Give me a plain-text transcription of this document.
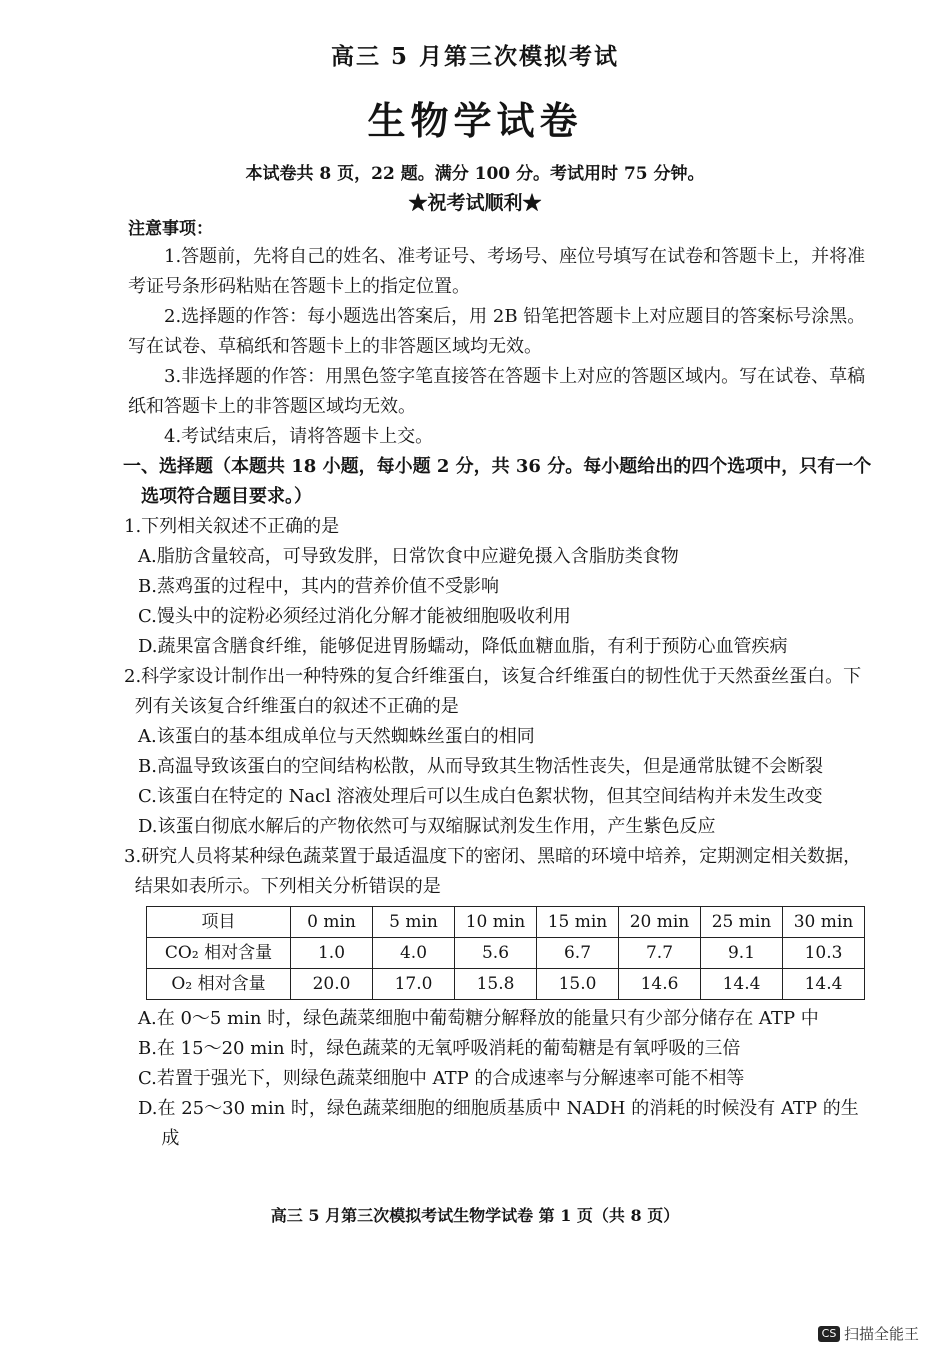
高三 5 月第三次模拟考试
生物学试卷
本试卷共 8 页，22 题。满分 100 分。考试用时 75 分钟。
★祝考试顺利★

注意事项：

1.答题前，先将自己的姓名、准考证号、考场号、座位号填写在试卷和答题卡上，并将准考证号条形码粘贴在答题卡上的指定位置。

2.选择题的作答：每小题选出答案后，用 2B 铅笔把答题卡上对应题目的答案标号涂黑。写在试卷、草稿纸和答题卡上的非答题区域均无效。

3.非选择题的作答：用黑色签字笔直接答在答题卡上对应的答题区域内。写在试卷、草稿纸和答题卡上的非答题区域均无效。

4.考试结束后，请将答题卡上交。

一、选择题（本题共 18 小题，每小题 2 分，共 36 分。每小题给出的四个选项中，只有一个选项符合题目要求。）

1.下列相关叙述不正确的是

A.脂肪含量较高，可导致发胖，日常饮食中应避免摄入含脂肪类食物

B.蒸鸡蛋的过程中，其内的营养价值不受影响

C.馒头中的淀粉必须经过消化分解才能被细胞吸收利用

D.蔬果富含膳食纤维，能够促进胃肠蠕动，降低血糖血脂，有利于预防心血管疾病

2.科学家设计制作出一种特殊的复合纤维蛋白，该复合纤维蛋白的韧性优于天然蚕丝蛋白。下列有关该复合纤维蛋白的叙述不正确的是

A.该蛋白的基本组成单位与天然蜘蛛丝蛋白的相同

B.高温导致该蛋白的空间结构松散，从而导致其生物活性丧失，但是通常肽键不会断裂

C.该蛋白在特定的 Nacl 溶液处理后可以生成白色絮状物，但其空间结构并未发生改变

D.该蛋白彻底水解后的产物依然可与双缩脲试剂发生作用，产生紫色反应

3.研究人员将某种绿色蔬菜置于最适温度下的密闭、黑暗的环境中培养，定期测定相关数据，结果如表所示。下列相关分析错误的是

项目	0 min	5 min	10 min	15 min	20 min	25 min	30 min
CO₂ 相对含量	1.0	4.0	5.6	6.7	7.7	9.1	10.3
O₂ 相对含量	20.0	17.0	15.8	15.0	14.6	14.4	14.4

A.在 0～5 min 时，绿色蔬菜细胞中葡萄糖分解释放的能量只有少部分储存在 ATP 中

B.在 15～20 min 时，绿色蔬菜的无氧呼吸消耗的葡萄糖是有氧呼吸的三倍

C.若置于强光下，则绿色蔬菜细胞中 ATP 的合成速率与分解速率可能不相等

D.在 25～30 min 时，绿色蔬菜细胞的细胞质基质中 NADH 的消耗的时候没有 ATP 的生成

高三 5 月第三次模拟考试生物学试卷 第 1 页（共 8 页）
CS 扫描全能王
